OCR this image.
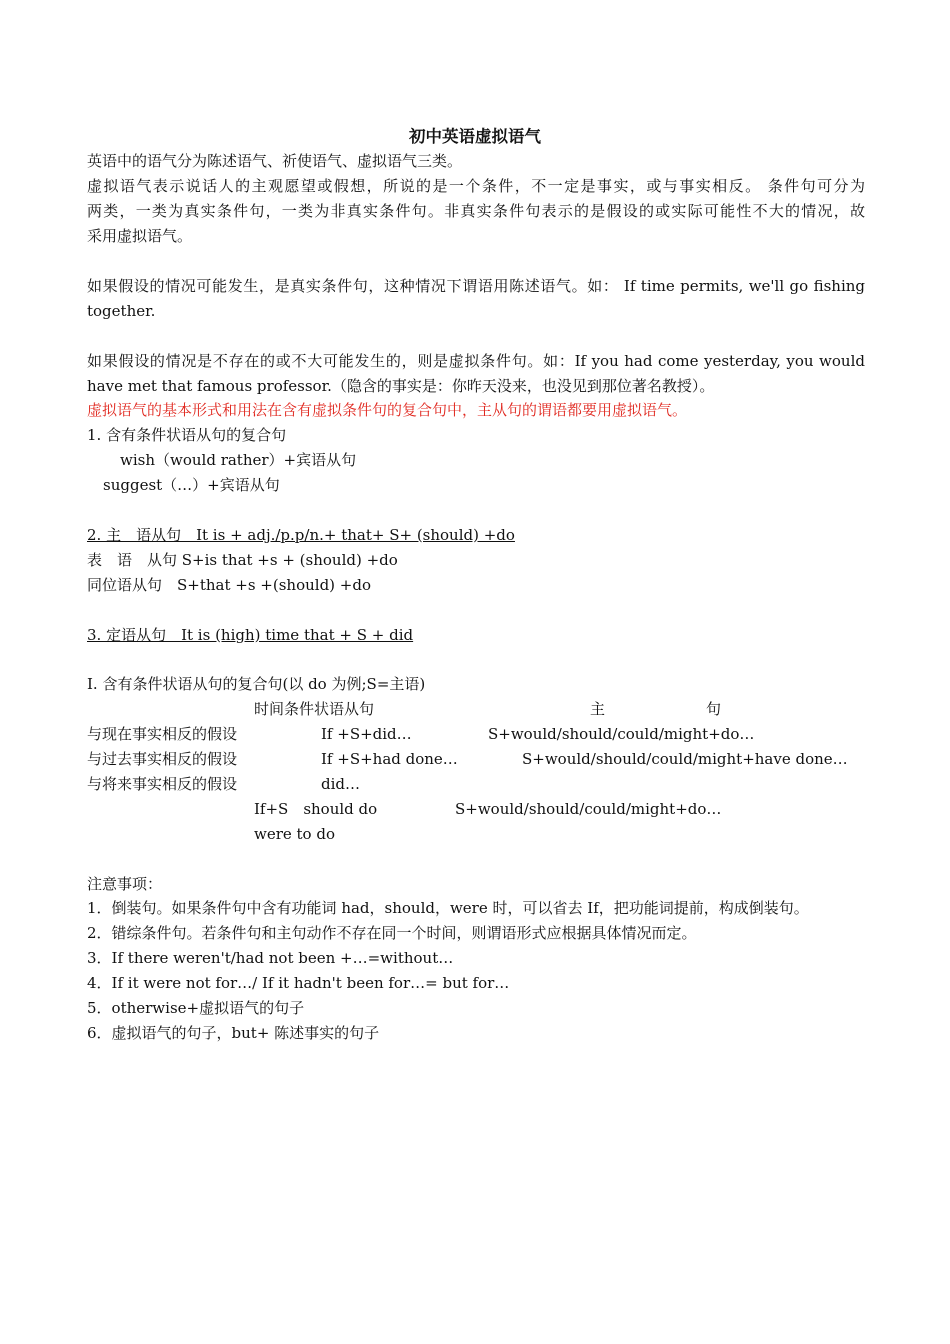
初中英语虚拟语气
英语中的语气分为陈述语气、祈使语气、虚拟语气三类。
虚拟语气表示说话人的主观愿望或假想，所说的是一个条件，不一定是事实，或与事实相反。 条件句可分为
两类，一类为真实条件句，一类为非真实条件句。非真实条件句表示的是假设的或实际可能性不大的情况，故
采用虚拟语气。
如果假设的情况可能发生，是真实条件句，这种情况下谓语用陈述语气。如： If time permits, we'll go fishing
together.
如果假设的情况是不存在的或不大可能发生的，则是虚拟条件句。如：If you had come yesterday, you would
have met that famous professor.（隐含的事实是：你昨天没来，也没见到那位著名教授）。
虚拟语气的基本形式和用法在含有虚拟条件句的复合句中，主从句的谓语都要用虚拟语气。
1. 含有条件状语从句的复合句
wish（would rather）+宾语从句
suggest（…）+宾语从句
2. 主　语从句　It is + adj./p.p/n.+ that+ S+ (should) +do
表　语　从句 S+is that +s + (should) +do
同位语从句　S+that +s +(should) +do
3. 定语从句　It is (high) time that + S + did
I. 含有条件状语从句的复合句(以 do 为例;S=主语)
时间条件状语从句	主	句
与现在事实相反的假设	If +S+did…	S+would/should/could/might+do…
与过去事实相反的假设	If +S+had done…	S+would/should/could/might+have done…
与将来事实相反的假设	did…
If+S　should do	S+would/should/could/might+do…
were to do
注意事项：
1．倒装句。如果条件句中含有功能词 had，should，were 时，可以省去 If，把功能词提前，构成倒装句。
2．错综条件句。若条件句和主句动作不存在同一个时间，则谓语形式应根据具体情况而定。
3．If there weren't/had not been +…=without…
4．If it were not for…/ If it hadn't been for…= but for…
5．otherwise+虚拟语气的句子
6．虚拟语气的句子，but+ 陈述事实的句子
